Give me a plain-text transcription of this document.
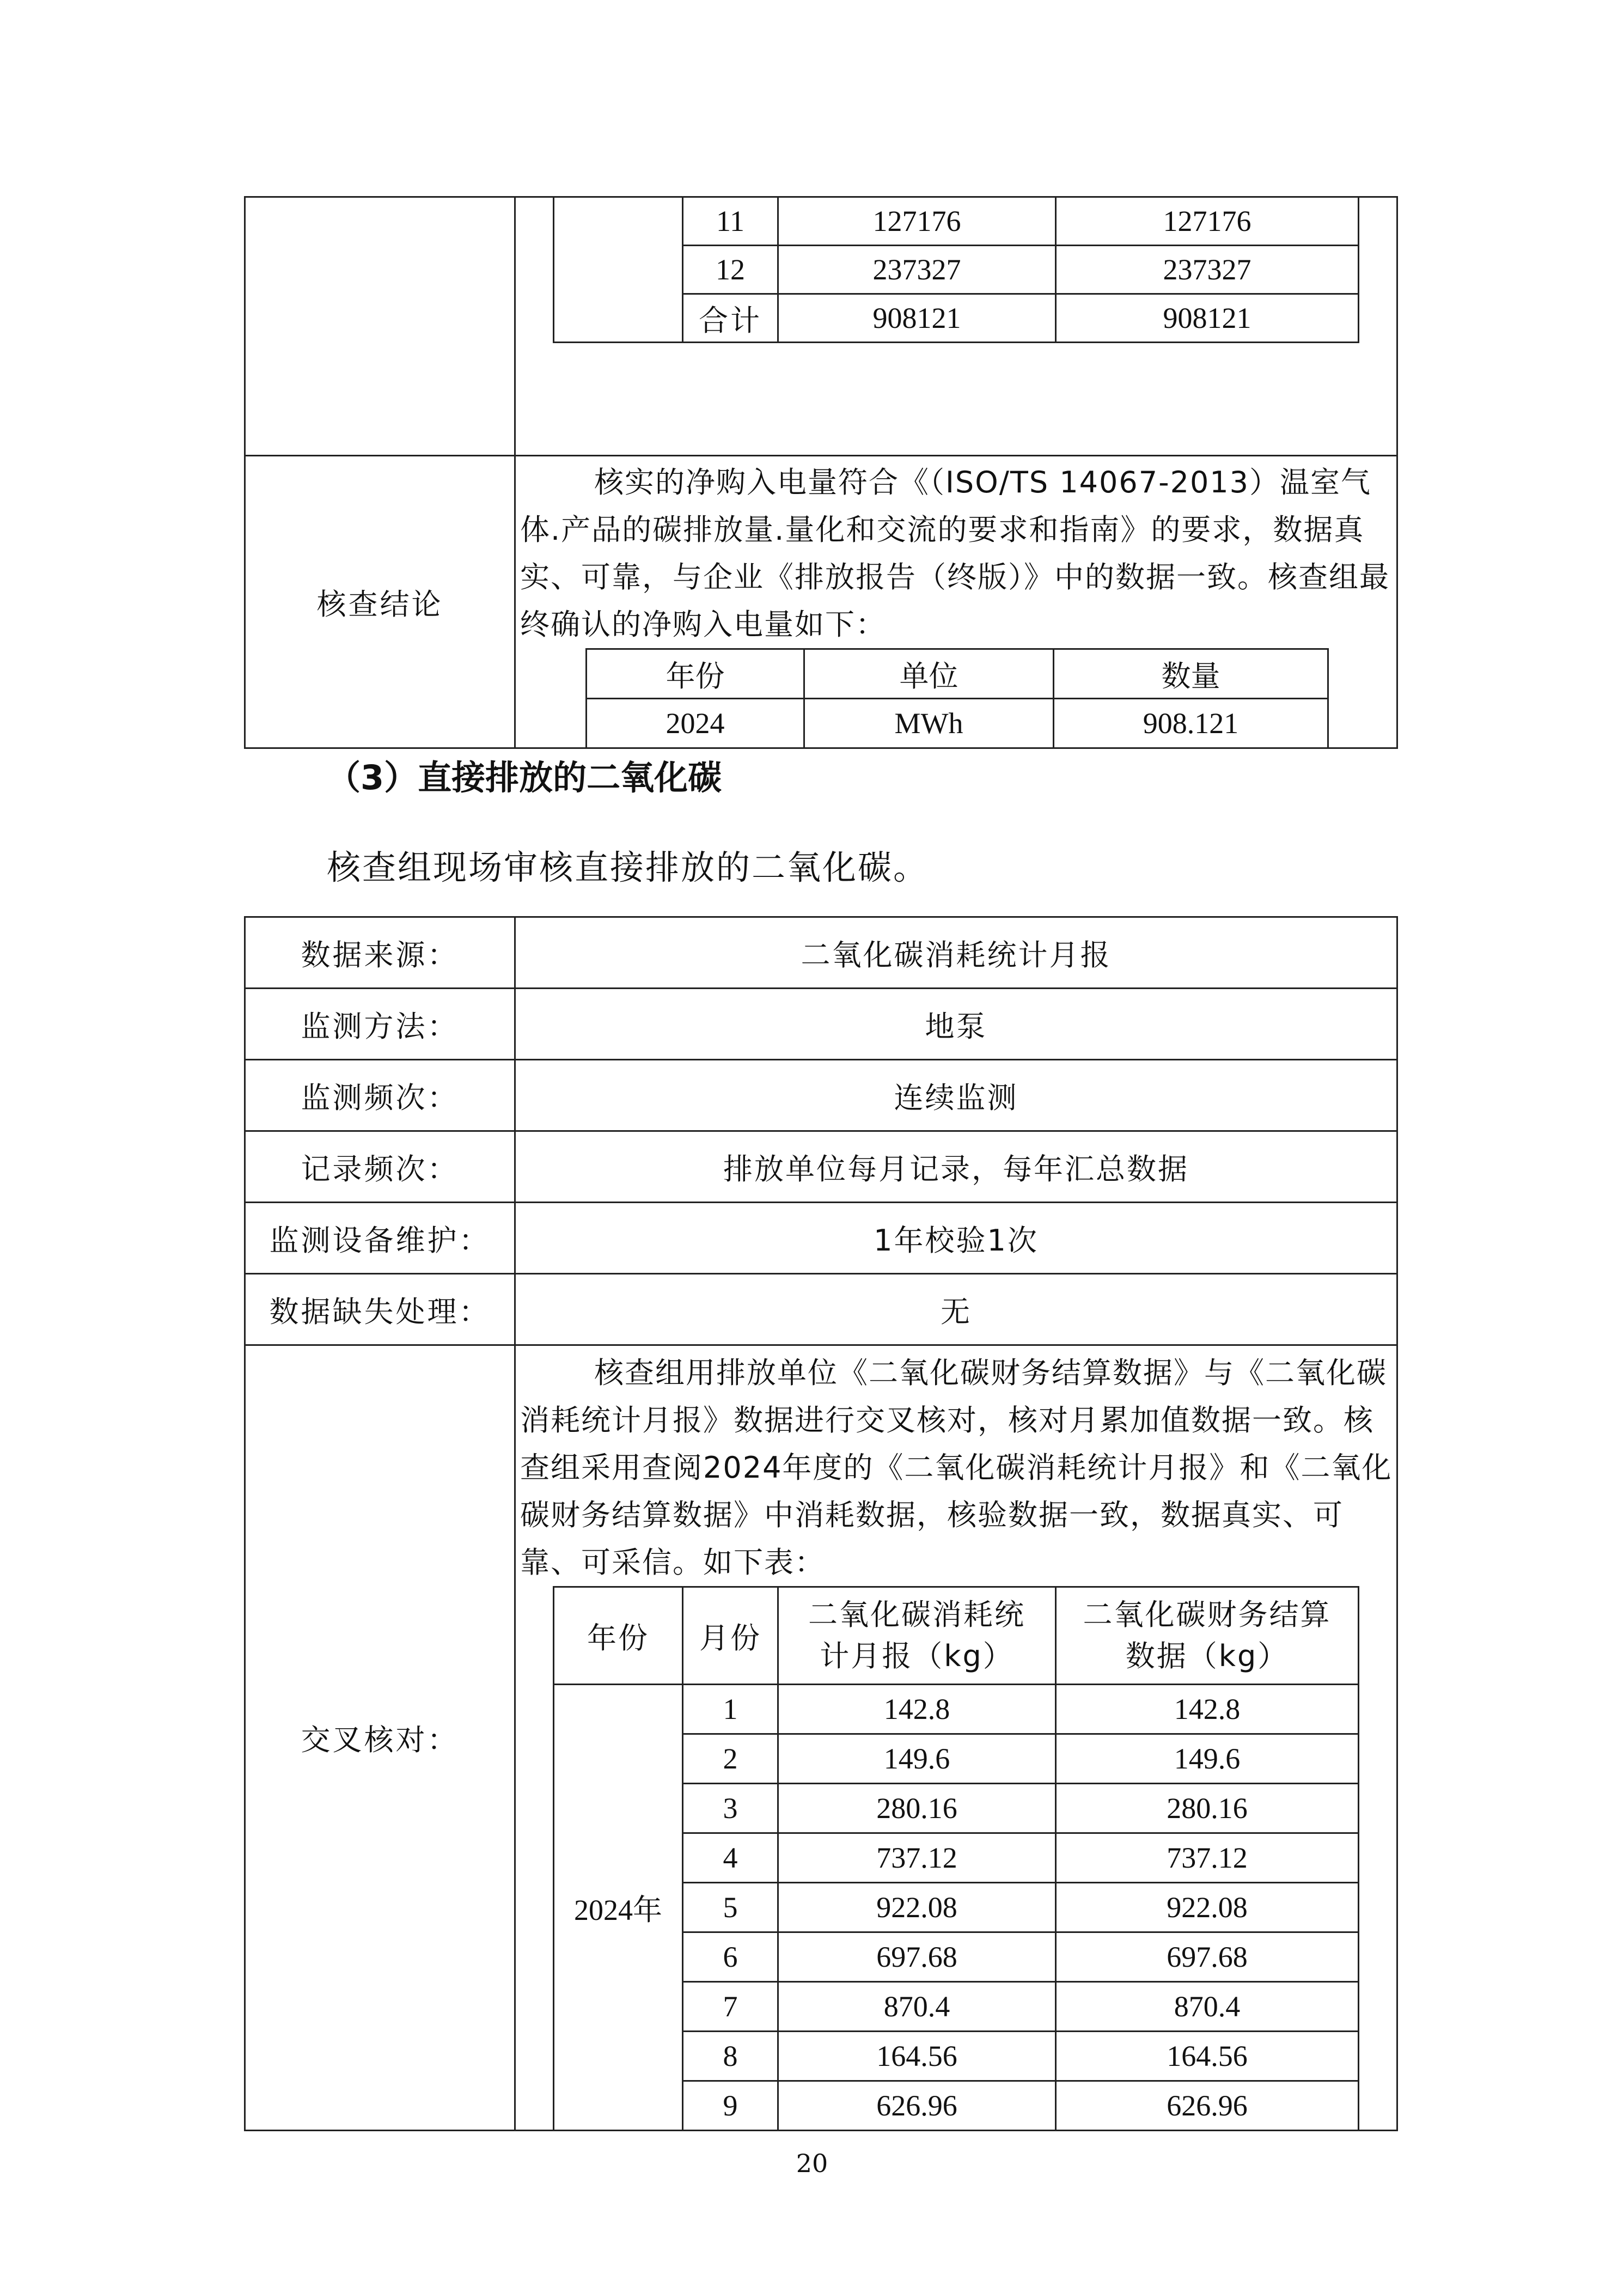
	11	127176	127176
12	237327	237327
合计	908121	908121

核查结论	

核实的净购入电量符合《（ISO/TS 14067-2013）温室气体.产品的碳排放量.量化和交流的要求和指南》的要求，数据真实、可靠，与企业《排放报告（终版）》中的数据一致。核查组最终确认的净购入电量如下：

年份	单位	数量
2024	MWh	908.121
（3）直接排放的二氧化碳
核查组现场审核直接排放的二氧化碳。
数据来源：	二氧化碳消耗统计月报
监测方法：	地泵
监测频次：	连续监测
记录频次：	排放单位每月记录，每年汇总数据
监测设备维护：	1年校验1次
数据缺失处理：	无
交叉核对：	

核查组用排放单位《二氧化碳财务结算数据》与《二氧化碳消耗统计月报》数据进行交叉核对，核对月累加值数据一致。核查组采用查阅2024年度的《二氧化碳消耗统计月报》和《二氧化碳财务结算数据》中消耗数据，核验数据一致，数据真实、可靠、可采信。如下表：

年份	月份	二氧化碳消耗统计月报（kg）	二氧化碳财务结算数据（kg）
2024年	1	142.8	142.8
2	149.6	149.6
3	280.16	280.16
4	737.12	737.12
5	922.08	922.08
6	697.68	697.68
7	870.4	870.4
8	164.56	164.56
9	626.96	626.96
20
